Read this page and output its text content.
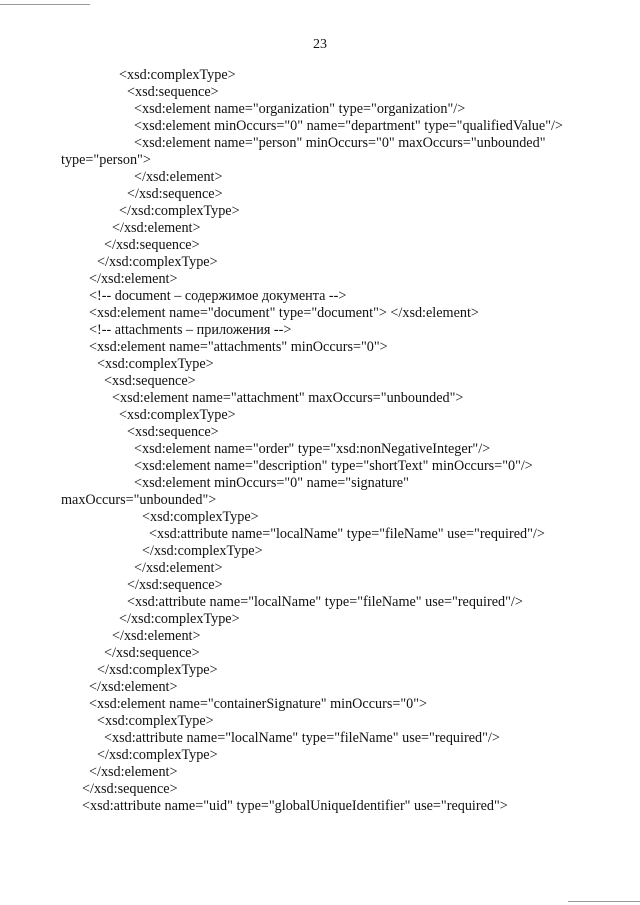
23
<xsd:complexType>
<xsd:sequence>
<xsd:element name="organization" type="organization"/>
<xsd:element minOccurs="0" name="department" type="qualifiedValue"/>
<xsd:element name="person" minOccurs="0" maxOccurs="unbounded"
type="person">
</xsd:element>
</xsd:sequence>
</xsd:complexType>
</xsd:element>
</xsd:sequence>
</xsd:complexType>
</xsd:element>
<!-- document – содержимое документа -->
<xsd:element name="document" type="document"> </xsd:element>
<!-- attachments – приложения -->
<xsd:element name="attachments" minOccurs="0">
<xsd:complexType>
<xsd:sequence>
<xsd:element name="attachment" maxOccurs="unbounded">
<xsd:complexType>
<xsd:sequence>
<xsd:element name="order" type="xsd:nonNegativeInteger"/>
<xsd:element name="description" type="shortText" minOccurs="0"/>
<xsd:element minOccurs="0" name="signature"
maxOccurs="unbounded">
<xsd:complexType>
<xsd:attribute name="localName" type="fileName" use="required"/>
</xsd:complexType>
</xsd:element>
</xsd:sequence>
<xsd:attribute name="localName" type="fileName" use="required"/>
</xsd:complexType>
</xsd:element>
</xsd:sequence>
</xsd:complexType>
</xsd:element>
<xsd:element name="containerSignature" minOccurs="0">
<xsd:complexType>
<xsd:attribute name="localName" type="fileName" use="required"/>
</xsd:complexType>
</xsd:element>
</xsd:sequence>
<xsd:attribute name="uid" type="globalUniqueIdentifier" use="required">
